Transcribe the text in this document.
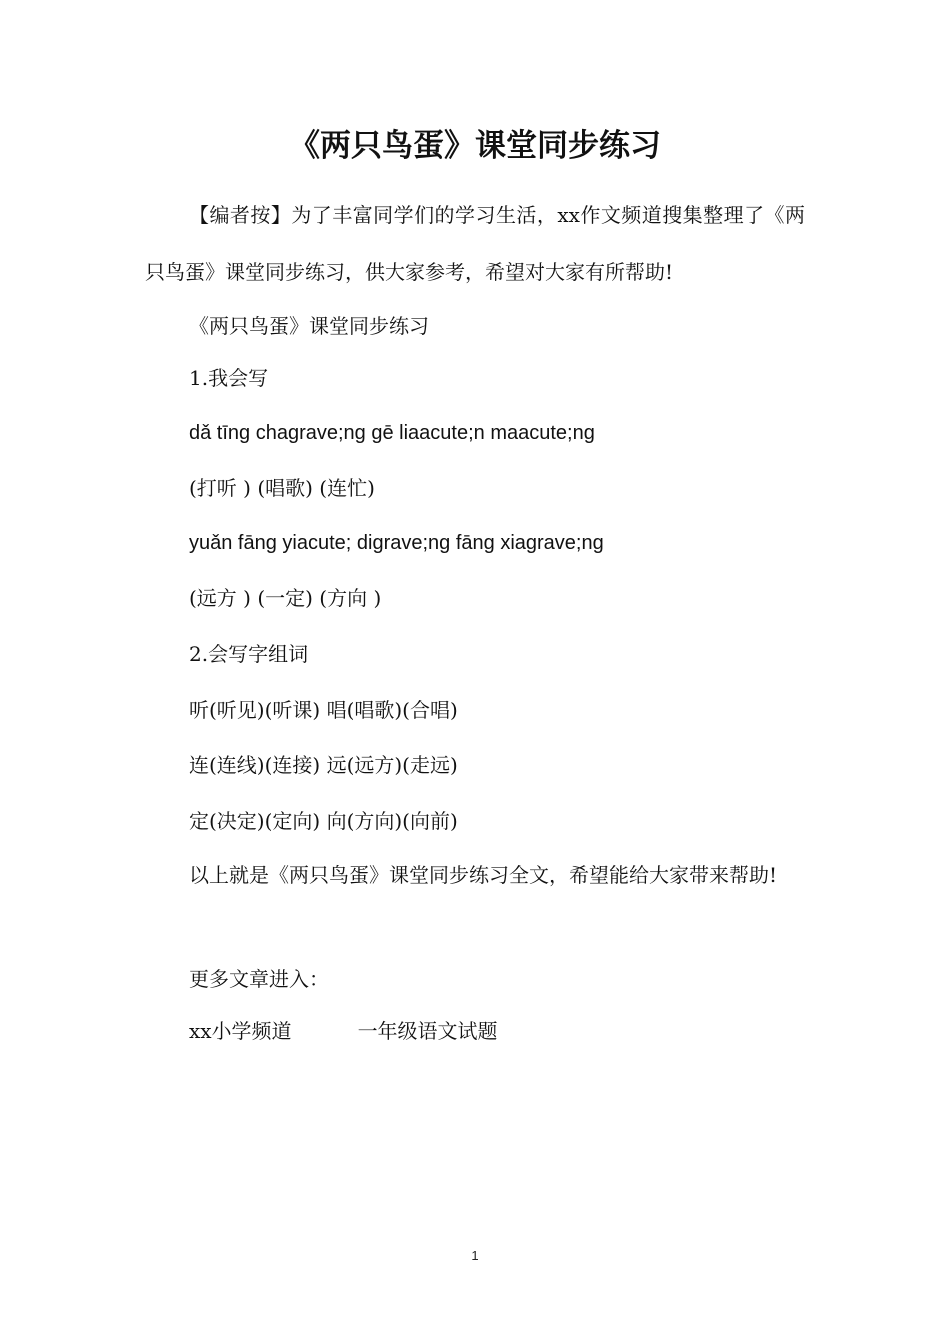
《两只鸟蛋》课堂同步练习

【编者按】为了丰富同学们的学习生活，xx作文频道搜集整理了《两只鸟蛋》课堂同步练习，供大家参考，希望对大家有所帮助!

《两只鸟蛋》课堂同步练习

1.我会写

dǎ tīng chagrave;ng gē liaacute;n maacute;ng

(打听 ) (唱歌) (连忙)

yuǎn fāng yiacute; digrave;ng fāng xiagrave;ng

(远方 ) (一定) (方向 )

2.会写字组词

听(听见)(听课) 唱(唱歌)(合唱)

连(连线)(连接) 远(远方)(走远)

定(决定)(定向) 向(方向)(向前)

以上就是《两只鸟蛋》课堂同步练习全文，希望能给大家带来帮助!

更多文章进入：

xx小学频道	一年级语文试题

1
